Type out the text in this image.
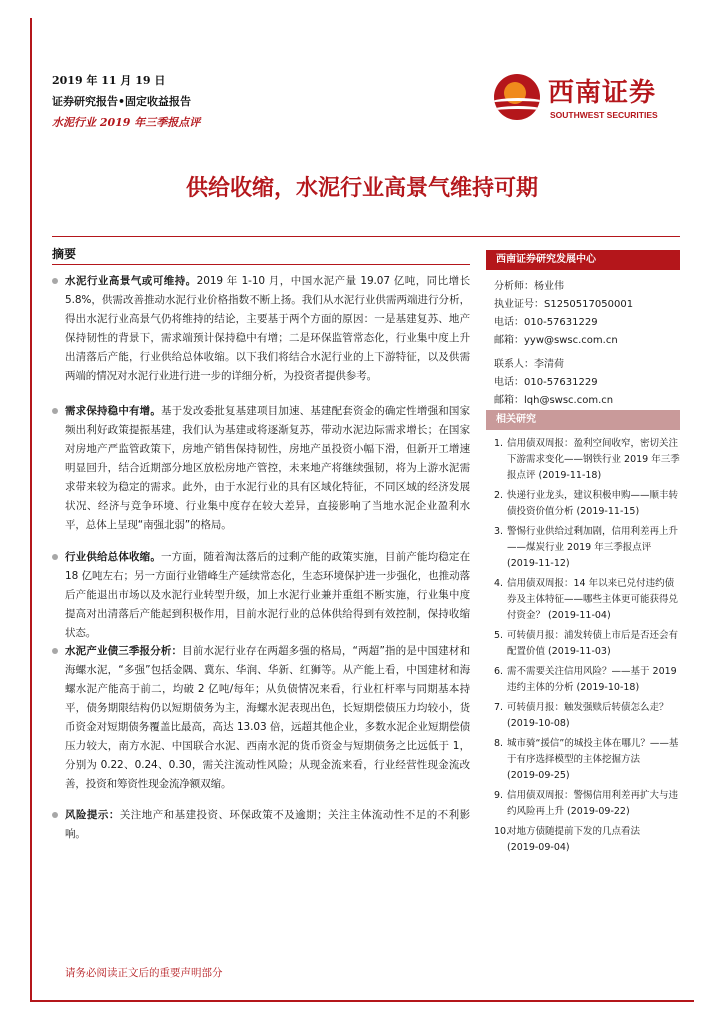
2019 年 11 月 19 日
证券研究报告•固定收益报告
水泥行业 2019 年三季报点评
西南证券
SOUTHWEST SECURITIES
供给收缩，水泥行业高景气维持可期
摘要

水泥行业高景气或可维持。2019 年 1-10 月，中国水泥产量 19.07 亿吨，同比增长 5.8%，供需改善推动水泥行业价格指数不断上扬。我们从水泥行业供需两端进行分析，得出水泥行业高景气仍将维持的结论，主要基于两个方面的原因：一是基建复苏、地产保持韧性的背景下，需求端预计保持稳中有增；二是环保监管常态化，行业集中度上升出清落后产能，行业供给总体收缩。以下我们将结合水泥行业的上下游特征，以及供需两端的情况对水泥行业进行进一步的详细分析，为投资者提供参考。

需求保持稳中有增。基于发改委批复基建项目加速、基建配套资金的确定性增强和国家频出利好政策提振基建，我们认为基建或将逐渐复苏，带动水泥边际需求增长；在国家对房地产严监管政策下，房地产销售保持韧性，房地产虽投资小幅下滑，但新开工增速明显回升，结合近期部分地区放松房地产管控，未来地产将继续强韧，将为上游水泥需求带来较为稳定的需求。此外，由于水泥行业的具有区域化特征，不同区域的经济发展状况、经济与竞争环境、行业集中度存在较大差异，直接影响了当地水泥企业盈利水平，总体上呈现“南强北弱”的格局。

行业供给总体收缩。一方面，随着淘汰落后的过剩产能的政策实施，目前产能均稳定在 18 亿吨左右；另一方面行业错峰生产延续常态化，生态环境保护进一步强化，也推动落后产能退出市场以及水泥行业转型升级，加上水泥行业兼并重组不断实施，行业集中度提高对出清落后产能起到积极作用，目前水泥行业的总体供给得到有效控制，保持收缩状态。

水泥产业债三季报分析：目前水泥行业存在两超多强的格局，“两超”指的是中国建材和海螺水泥，“多强”包括金隅、冀东、华润、华新、红狮等。从产能上看，中国建材和海螺水泥产能高于前二，均破 2 亿吨/每年；从负债情况来看，行业杠杆率与同期基本持平，债务期限结构仍以短期债务为主，海螺水泥表现出色，长短期偿债压力均较小，货币资金对短期债务覆盖比最高，高达 13.03 倍，远超其他企业，多数水泥企业短期偿债压力较大，南方水泥、中国联合水泥、西南水泥的货币资金与短期债务之比远低于 1，分别为 0.22、0.24、0.30，需关注流动性风险；从现金流来看，行业经营性现金流改善，投资和筹资性现金流净额双缩。

风险提示：关注地产和基建投资、环保政策不及逾期；关注主体流动性不足的不利影响。

西南证券研究发展中心
分析师：杨业伟
执业证号：S1250517050001
电话：010-57631229
邮箱：yyw@swsc.com.cn
联系人：李清荷
电话：010-57631229
邮箱：lqh@swsc.com.cn
相关研究
1. 信用债双周报：盈利空间收窄，密切关注下游需求变化——钢铁行业 2019 年三季报点评 (2019-11-18)
2. 快递行业龙头，建议积极申购——顺丰转债投资价值分析 (2019-11-15)
3. 警惕行业供给过剩加剧，信用利差再上升——煤炭行业 2019 年三季报点评 (2019-11-12)
4. 信用债双周报：14 年以来已兑付违约债券及主体特征——哪些主体更可能获得兑付资金？ (2019-11-04)
5. 可转债月报：浦发转债上市后是否还会有配置价值 (2019-11-03)
6. 需不需要关注信用风险？——基于 2019 违约主体的分析 (2019-10-18)
7. 可转债月报：触发强赎后转债怎么走？ (2019-10-08)
8. 城市骑“援信”的城投主体在哪儿？——基于有序选择模型的主体挖掘方法 (2019-09-25)
9. 信用债双周报：警惕信用利差再扩大与违约风险再上升 (2019-09-22)
10.
对地方债随提前下发的几点看法 (2019-09-04)
请务必阅读正文后的重要声明部分
